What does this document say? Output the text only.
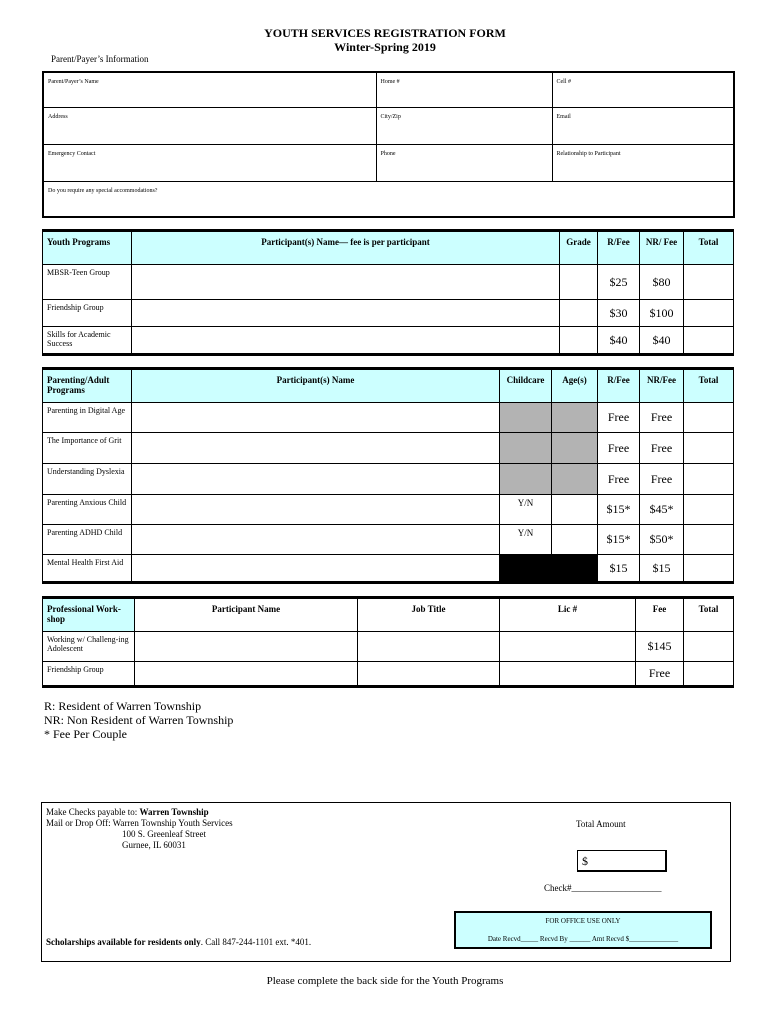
YOUTH SERVICES REGISTRATION FORM
Winter-Spring 2019
Parent/Payer’s Information
Parent/Payer’s Name	Home #	Cell #
Address	City/Zip	Email
Emergency Contact	Phone	Relationship to Participant
Do you require any special accommodations?		
Youth Programs	Participant(s) Name— fee is per participant	Grade	R/Fee	NR/ Fee	Total
MBSR-Teen Group			$25	$80	
Friendship Group			$30	$100	
Skills for Academic Success			$40	$40	
Parenting/Adult Programs	Participant(s) Name	Childcare	Age(s)	R/Fee	NR/Fee	Total
Parenting in Digital Age				Free	Free	
The Importance of Grit				Free	Free	
Understanding Dyslexia				Free	Free	
Parenting Anxious Child		Y/N		$15*	$45*	
Parenting ADHD Child		Y/N		$15*	$50*	
Mental Health First Aid				$15	$15	
Professional Work-shop	Participant Name	Job Title	Lic #	Fee	Total
Working w/ Challeng-ing Adolescent				$145	
Friendship Group				Free	
R: Resident of Warren Township
NR: Non Resident of Warren Township
* Fee Per Couple
Make Checks payable to: Warren Township
Mail or Drop Off: Warren Township Youth Services
100 S. Greenleaf Street
Gurnee, IL 60031
Total Amount
$
Check#____________________
FOR OFFICE USE ONLY
Date Recvd_____ Recvd By ______ Amt Recvd $______________
Scholarships available for residents only. Call 847-244-1101 ext. *401.
Please complete the back side for the Youth Programs
